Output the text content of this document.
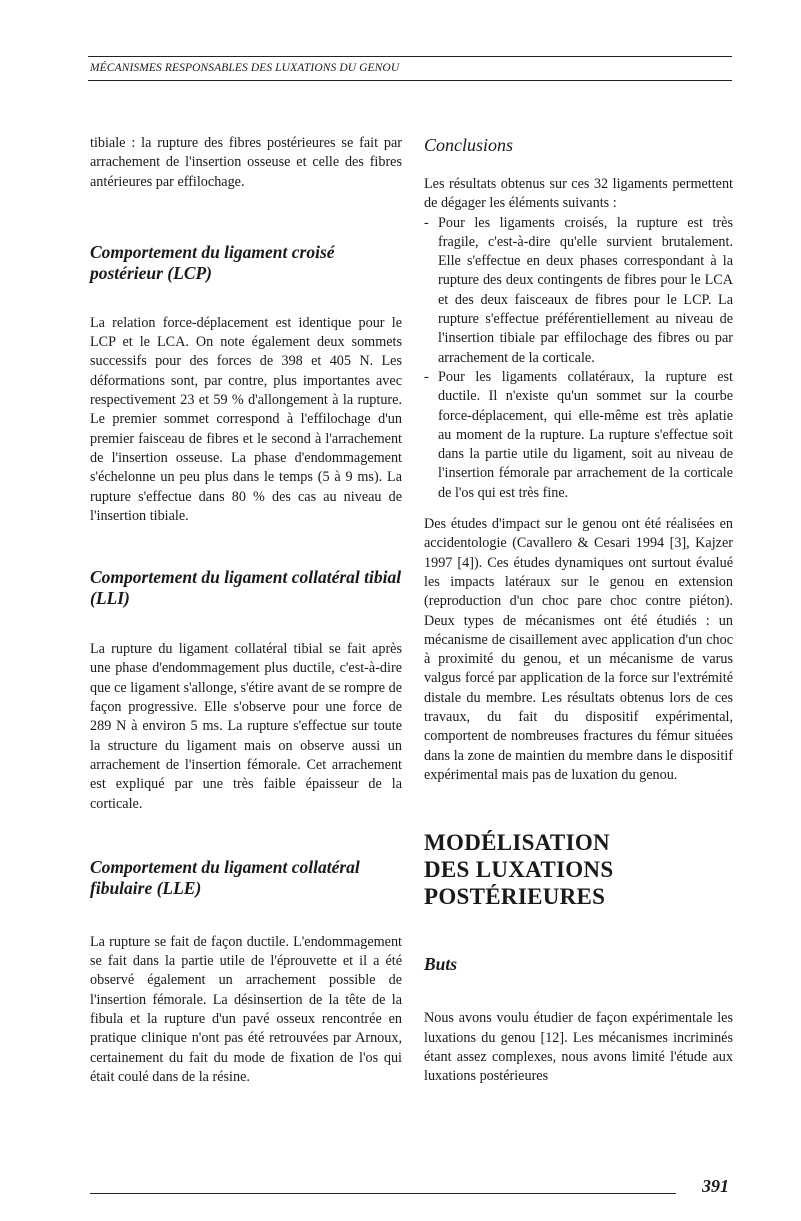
MÉCANISMES RESPONSABLES DES LUXATIONS DU GENOU

tibiale : la rupture des fibres postérieures se fait par arrachement de l'insertion osseuse et celle des fibres antérieures par effilochage.

Comportement du ligament croisé postérieur (LCP)

La relation force-déplacement est identique pour le LCP et le LCA. On note également deux sommets successifs pour des forces de 398 et 405 N. Les déformations sont, par contre, plus importantes avec respectivement 23 et 59 % d'allongement à la rupture. Le premier sommet correspond à l'effilochage d'un premier faisceau de fibres et le second à l'arrachement de l'insertion osseuse. La phase d'endommagement s'échelonne un peu plus dans le temps (5 à 9 ms). La rupture s'effectue dans 80 % des cas au niveau de l'insertion tibiale.

Comportement du ligament collatéral tibial (LLI)

La rupture du ligament collatéral tibial se fait après une phase d'endommagement plus ductile, c'est-à-dire que ce ligament s'allonge, s'étire avant de se rompre de façon progressive. Elle s'observe pour une force de 289 N à environ 5 ms. La rupture s'effectue sur toute la structure du ligament mais on observe aussi un arrachement de l'insertion fémorale. Cet arrachement est expliqué par une très faible épaisseur de la corticale.

Comportement du ligament collatéral fibulaire (LLE)

La rupture se fait de façon ductile. L'endommagement se fait dans la partie utile de l'éprouvette et il a été observé également un arrachement possible de l'insertion fémorale. La désinsertion de la tête de la fibula et la rupture d'un pavé osseux rencontrée en pratique clinique n'ont pas été retrouvées par Arnoux, certainement du fait du mode de fixation de l'os qui était coulé dans de la résine.

Conclusions

Les résultats obtenus sur ces 32 ligaments permettent de dégager les éléments suivants :

- Pour les ligaments croisés, la rupture est très fragile, c'est-à-dire qu'elle survient brutalement. Elle s'effectue en deux phases correspondant à la rupture des deux contingents de fibres pour le LCA et des deux faisceaux de fibres pour le LCP. La rupture s'effectue préférentiellement au niveau de l'insertion tibiale par effilochage des fibres ou par arrachement de la corticale.
- Pour les ligaments collatéraux, la rupture est ductile. Il n'existe qu'un sommet sur la courbe force-déplacement, qui elle-même est très aplatie au moment de la rupture. La rupture s'effectue soit dans la partie utile du ligament, soit au niveau de l'insertion fémorale par arrachement de la corticale de l'os qui est très fine.

Des études d'impact sur le genou ont été réalisées en accidentologie (Cavallero & Cesari 1994 [3], Kajzer 1997 [4]). Ces études dynamiques ont surtout évalué les impacts latéraux sur le genou en extension (reproduction d'un choc pare choc contre piéton). Deux types de mécanismes ont été étudiés : un mécanisme de cisaillement avec application d'un choc à proximité du genou, et un mécanisme de varus valgus forcé par application de la force sur l'extrémité distale du membre. Les résultats obtenus lors de ces travaux, du fait du dispositif expérimental, comportent de nombreuses fractures du fémur situées dans la zone de maintien du membre dans le dispositif expérimental mais pas de luxation du genou.

MODÉLISATION
DES LUXATIONS
POSTÉRIEURES
Buts

Nous avons voulu étudier de façon expérimentale les luxations du genou [12]. Les mécanismes incriminés étant assez complexes, nous avons limité l'étude aux luxations postérieures

391
